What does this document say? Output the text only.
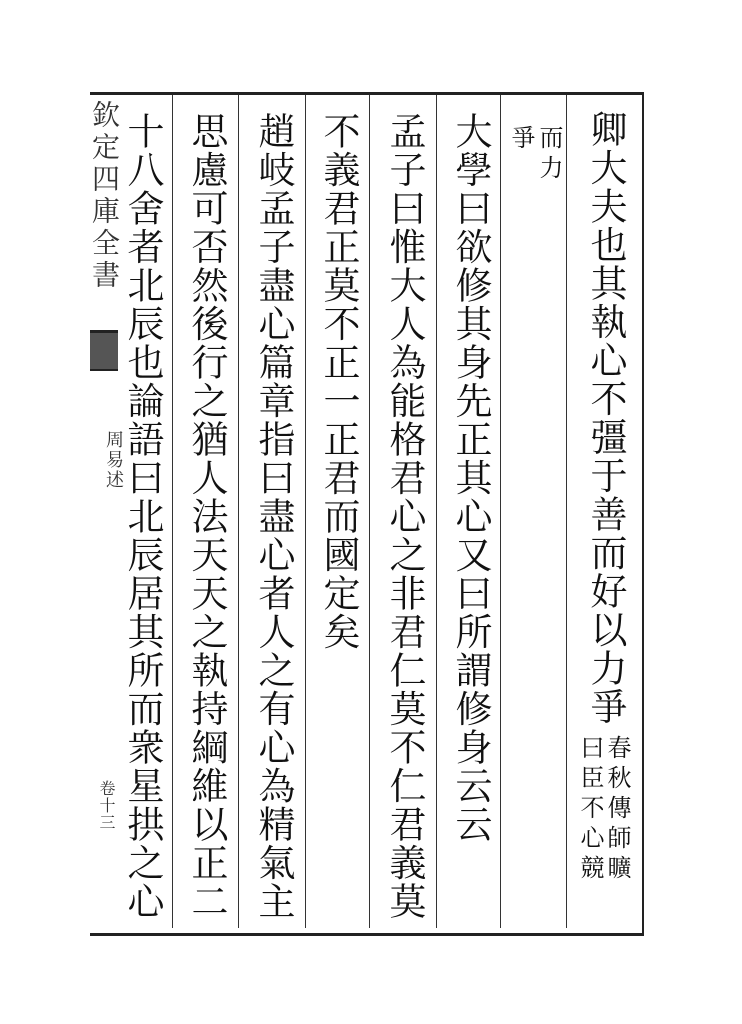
欽定四庫全書
周易述
卷十三
卿大夫也其執心不彊于善而好以力爭
春秋傳師曠
曰臣不心競
而力
爭
大學曰欲修其身先正其心又曰所謂修身云云
孟子曰惟大人為能格君心之非君仁莫不仁君義莫
不義君正莫不正一正君而國定矣
趙岐孟子盡心篇章指曰盡心者人之有心為精氣主
思慮可否然後行之猶人法天天之執持綱維以正二
十八舍者北辰也論語曰北辰居其所而衆星拱之心
